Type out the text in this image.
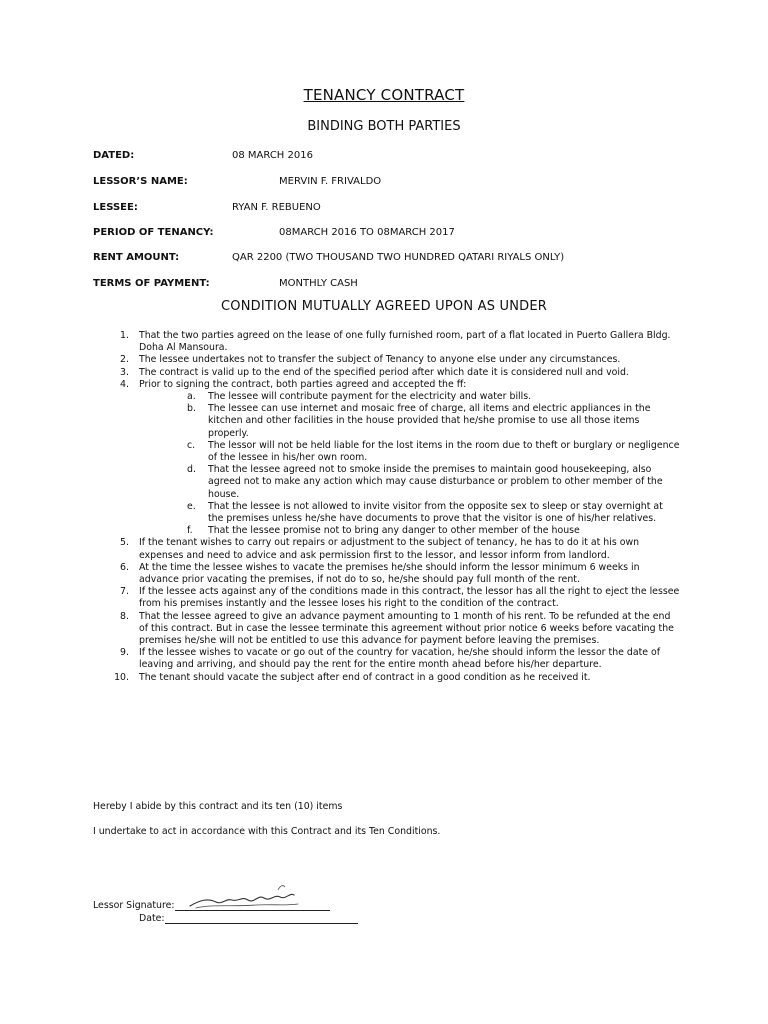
TENANCY CONTRACT
BINDING BOTH PARTIES
DATED:	08 MARCH 2016
LESSOR’S NAME:	MERVIN F. FRIVALDO
LESSEE:	RYAN F. REBUENO
PERIOD OF TENANCY:	08MARCH 2016 TO 08MARCH 2017
RENT AMOUNT:	QAR 2200 (TWO THOUSAND TWO HUNDRED QATARI RIYALS ONLY)
TERMS OF PAYMENT:	MONTHLY CASH
CONDITION MUTUALLY AGREED UPON AS UNDER
1. That the two parties agreed on the lease of one fully furnished room, part of a flat located in Puerto Gallera Bldg. Doha Al Mansoura.
2. The lessee undertakes not to transfer the subject of Tenancy to anyone else under any circumstances.
3. The contract is valid up to the end of the specified period after which date it is considered null and void.
4. Prior to signing the contract, both parties agreed and accepted the ff:
a. The lessee will contribute payment for the electricity and water bills.
b. The lessee can use internet and mosaic free of charge, all items and electric appliances in the kitchen and other facilities in the house provided that he/she promise to use all those items properly.
c. The lessor will not be held liable for the lost items in the room due to theft or burglary or negligence of the lessee in his/her own room.
d. That the lessee agreed not to smoke inside the premises to maintain good housekeeping, also agreed not to make any action which may cause disturbance or problem to other member of the house.
e. That the lessee is not allowed to invite visitor from the opposite sex to sleep or stay overnight at the premises unless he/she have documents to prove that the visitor is one of his/her relatives.
f. That the lessee promise not to bring any danger to other member of the house
5. If the tenant wishes to carry out repairs or adjustment to the subject of tenancy, he has to do it at his own expenses and need to advice and ask permission first to the lessor, and lessor inform from landlord.
6. At the time the lessee wishes to vacate the premises he/she should inform the lessor minimum 6 weeks in advance prior vacating the premises, if not do to so, he/she should pay full month of the rent.
7. If the lessee acts against any of the conditions made in this contract, the lessor has all the right to eject the lessee from his premises instantly and the lessee loses his right to the condition of the contract.
8. That the lessee agreed to give an advance payment amounting to 1 month of his rent. To be refunded at the end of this contract. But in case the lessee terminate this agreement without prior notice 6 weeks before vacating the premises he/she will not be entitled to use this advance for payment before leaving the premises.
9. If the lessee wishes to vacate or go out of the country for vacation, he/she should inform the lessor the date of leaving and arriving, and should pay the rent for the entire month ahead before his/her departure.
10. The tenant should vacate the subject after end of contract in a good condition as he received it.
Hereby I abide by this contract and its ten (10) items
I undertake to act in accordance with this Contract and its Ten Conditions.
Lessor Signature:
Date:
